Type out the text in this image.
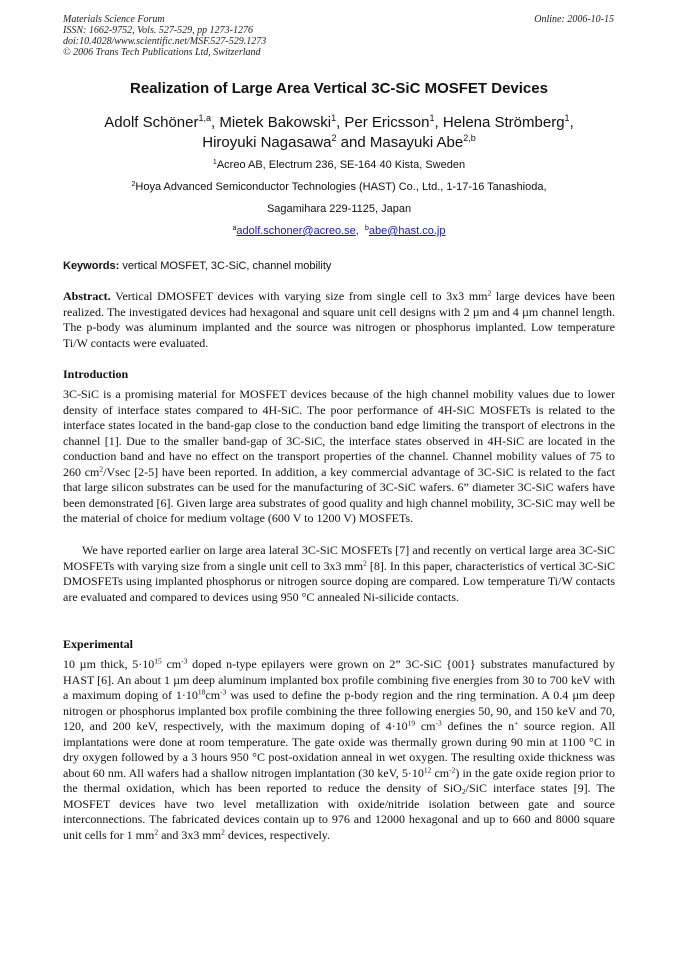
Materials Science Forum
ISSN: 1662-9752, Vols. 527-529, pp 1273-1276
doi:10.4028/www.scientific.net/MSF.527-529.1273
© 2006 Trans Tech Publications Ltd, Switzerland
Online: 2006-10-15
Realization of Large Area Vertical 3C-SiC MOSFET Devices
Adolf Schöner$^{1,a}$, Mietek Bakowski$^1$, Per Ericsson$^1$, Helena Strömberg$^1$,
Hiroyuki Nagasawa$^2$ and Masayuki Abe$^{2,b}$
$^1$Acreo AB, Electrum 236, SE-164 40 Kista, Sweden
$^2$Hoya Advanced Semiconductor Technologies (HAST) Co., Ltd., 1-17-16 Tanashioda,
Sagamihara 229-1125, Japan
$^a$adolf.schoner@acreo.se, $^b$abe@hast.co.jp
Keywords: vertical MOSFET, 3C-SiC, channel mobility
Abstract. Vertical DMOSFET devices with varying size from single cell to 3x3 $mm^2$ large devices have been realized. The investigated devices had hexagonal and square unit cell designs with 2 µm and 4 µm channel length. The p-body was aluminum implanted and the source was nitrogen or phosphorus implanted. Low temperature Ti/W contacts were evaluated.
Introduction
3C-SiC is a promising material for MOSFET devices because of the high channel mobility values due to lower density of interface states compared to 4H-SiC. The poor performance of 4H-SiC MOSFETs is related to the interface states located in the band-gap close to the conduction band edge limiting the transport of electrons in the channel [1]. Due to the smaller band-gap of 3C-SiC, the interface states observed in 4H-SiC are located in the conduction band and have no effect on the transport properties of the channel. Channel mobility values of 75 to 260 $cm^2$/Vsec [2-5] have been reported. In addition, a key commercial advantage of 3C-SiC is related to the fact that large silicon substrates can be used for the manufacturing of 3C-SiC wafers. 6” diameter 3C-SiC wafers have been demonstrated [6]. Given large area substrates of good quality and high channel mobility, 3C-SiC may well be the material of choice for medium voltage (600 V to 1200 V) MOSFETs.
We have reported earlier on large area lateral 3C-SiC MOSFETs [7] and recently on vertical large area 3C-SiC MOSFETs with varying size from a single unit cell to 3x3 $mm^2$ [8]. In this paper, characteristics of vertical 3C-SiC DMOSFETs using implanted phosphorus or nitrogen source doping are compared. Low temperature Ti/W contacts are evaluated and compared to devices using 950 °C annealed Ni-silicide contacts.
Experimental
10 µm thick, $5\cdot 10^{15}$ $cm^{-3}$ doped n-type epilayers were grown on 2” 3C-SiC {001} substrates manufactured by HAST [6]. An about 1 µm deep aluminum implanted box profile combining five energies from 30 to 700 keV with a maximum doping of $1\cdot 10^{18}cm^{-3}$ was used to define the p-body region and the ring termination. A 0.4 µm deep nitrogen or phosphorus implanted box profile combining the three following energies 50, 90, and 150 keV and 70, 120, and 200 keV, respectively, with the maximum doping of $4\cdot 10^{19}$ $cm^{-3}$ defines the n+ source region. All implantations were done at room temperature. The gate oxide was thermally grown during 90 min at 1100 °C in dry oxygen followed by a 3 hours 950 °C post-oxidation anneal in wet oxygen. The resulting oxide thickness was about 60 nm. All wafers had a shallow nitrogen implantation (30 keV, $5\cdot 10^{12}$ $cm^{-2}$) in the gate oxide region prior to the thermal oxidation, which has been reported to reduce the density of SiO$_2$/SiC interface states [9]. The MOSFET devices have two level metallization with oxide/nitride isolation between gate and source interconnections. The fabricated devices contain up to 976 and 12000 hexagonal and up to 660 and 8000 square unit cells for 1 $mm^2$ and 3x3 $mm^2$ devices, respectively.
